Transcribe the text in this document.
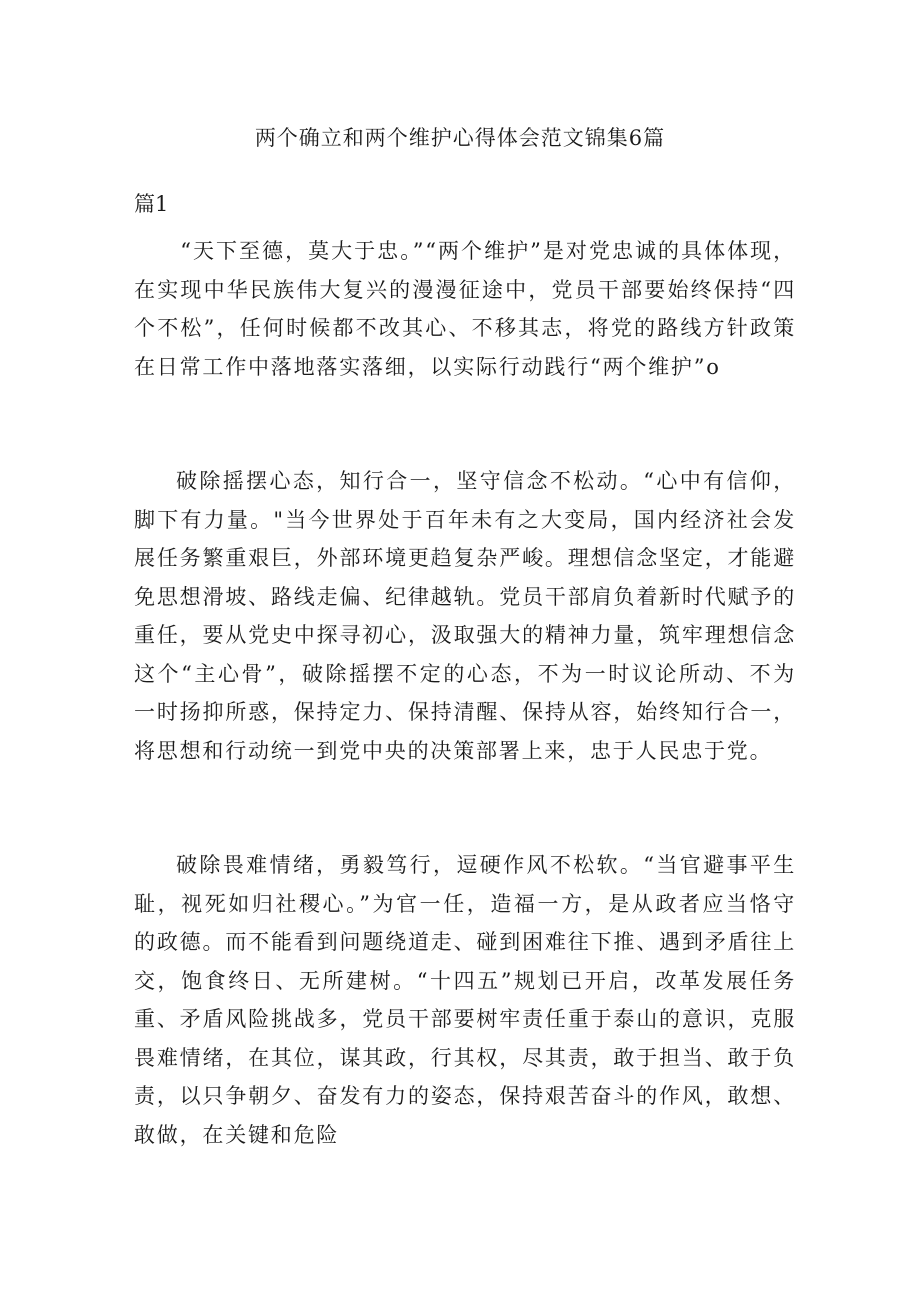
两个确立和两个维护心得体会范文锦集6篇

篇1

“天下至德，莫大于忠。”“两个维护”是对党忠诚的具体体现，在实现中华民族伟大复兴的漫漫征途中，党员干部要始终保持“四个不松”，任何时候都不改其心、不移其志，将党的路线方针政策在日常工作中落地落实落细，以实际行动践行“两个维护”o

破除摇摆心态，知行合一，坚守信念不松动。“心中有信仰，脚下有力量。"当今世界处于百年未有之大变局，国内经济社会发展任务繁重艰巨，外部环境更趋复杂严峻。理想信念坚定，才能避免思想滑坡、路线走偏、纪律越轨。党员干部肩负着新时代赋予的重任，要从党史中探寻初心，汲取强大的精神力量，筑牢理想信念这个“主心骨”，破除摇摆不定的心态，不为一时议论所动、不为一时扬抑所惑，保持定力、保持清醒、保持从容，始终知行合一，将思想和行动统一到党中央的决策部署上来，忠于人民忠于党。

破除畏难情绪，勇毅笃行，逗硬作风不松软。“当官避事平生耻，视死如归社稷心。”为官一任，造福一方，是从政者应当恪守的政德。而不能看到问题绕道走、碰到困难往下推、遇到矛盾往上交，饱食终日、无所建树。“十四五”规划已开启，改革发展任务重、矛盾风险挑战多，党员干部要树牢责任重于泰山的意识，克服畏难情绪，在其位，谋其政，行其权，尽其责，敢于担当、敢于负责，以只争朝夕、奋发有力的姿态，保持艰苦奋斗的作风，敢想、敢做，在关键和危险
